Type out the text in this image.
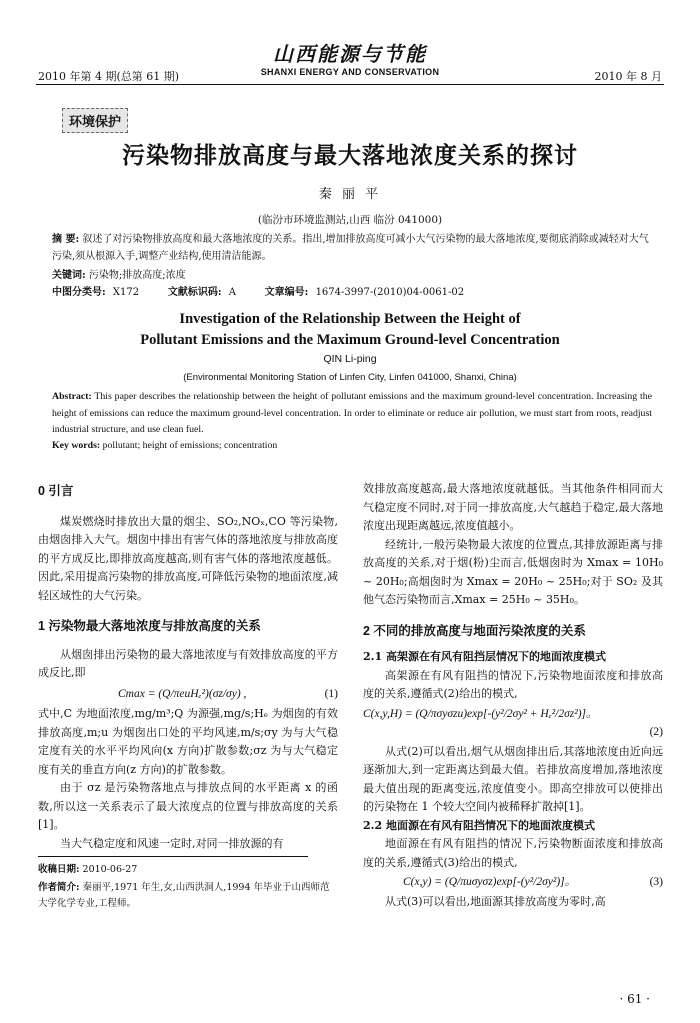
2010 年第 4 期(总第 61 期)
山西能源与节能
SHANXI ENERGY AND CONSERVATION	2010 年 8 月
环境保护
污染物排放高度与最大落地浓度关系的探讨
秦 丽 平
(临汾市环境监测站,山西 临汾 041000)
摘 要: 叙述了对污染物排放高度和最大落地浓度的关系。指出,增加排放高度可减小大气污染物的最大落地浓度,要彻底消除或减轻对大气污染,须从根源入手,调整产业结构,使用清洁能源。
关键词: 污染物;排放高度;浓度
中图分类号: X172	文献标识码: A	文章编号: 1674-3997-(2010)04-0061-02
Investigation of the Relationship Between the Height of
Pollutant Emissions and the Maximum Ground-level Concentration
QIN Li-ping
(Environmental Monitoring Station of Linfen City, Linfen 041000, Shanxi, China)
Abstract: This paper describes the relationship between the height of pollutant emissions and the maximum ground-level concentration. Increasing the height of emissions can reduce the maximum ground-level concentration. In order to eliminate or reduce air pollution, we must start from roots, readjust industrial structure, and use clean fuel.
Key words: pollutant; height of emissions; concentration
0 引言

煤炭燃烧时排放出大量的烟尘、SO₂,NOₓ,CO 等污染物,由烟囱排入大气。烟囱中排出有害气体的落地浓度与排放高度的平方成反比,即排放高度越高,则有害气体的落地浓度越低。因此,采用提高污染物的排放高度,可降低污染物的地面浓度,减轻区域性的大气污染。

1 污染物最大落地浓度与排放高度的关系

从烟囱排出污染物的最大落地浓度与有效排放高度的平方成反比,即

Cmax = (Q/πeuHₑ²)(σz/σy) ,	(1)

式中,C 为地面浓度,mg/m³;Q 为源强,mg/s;Hₑ 为烟囱的有效排放高度,m;u 为烟囱出口处的平均风速,m/s;σy 为与大气稳定度有关的水平平均风向(x 方向)扩散参数;σz 为与大气稳定度有关的垂直方向(z 方向)的扩散参数。

由于 σz 是污染物落地点与排放点间的水平距离 x 的函数,所以这一关系表示了最大浓度点的位置与排放高度的关系[1]。

当大气稳定度和风速一定时,对同一排放源的有

效排放高度越高,最大落地浓度就越低。当其他条件相同而大气稳定度不同时,对于同一排放高度,大气越趋于稳定,最大落地浓度出现距离越远,浓度值越小。

经统计,一般污染物最大浓度的位置点,其排放源距离与排放高度的关系,对于烟(粉)尘而言,低烟囱时为 Xmax = 10H₀ ~ 20H₀;高烟囱时为 Xmax = 20H₀ ~ 25H₀;对于 SO₂ 及其他气态污染物而言,Xmax = 25H₀ ~ 35H₀。

2 不同的排放高度与地面污染浓度的关系
2.1 高架源在有风有阻挡层情况下的地面浓度模式

高架源在有风有阻挡的情况下,污染物地面浓度和排放高度的关系,遵循式(2)给出的模式,

C(x,y,H) = (Q/πσyσzu)exp[-(y²/2σy² + Hₑ²/2σz²)]。
(2)

从式(2)可以看出,烟气从烟囱排出后,其落地浓度由近向远逐渐加大,到一定距离达到最大值。若排放高度增加,落地浓度最大值出现的距离变远,浓度值变小。即高空排放可以使排出的污染物在 1 个较大空间内被稀释扩散掉[1]。

2.2 地面源在有风有阻挡情况下的地面浓度模式

地面源在有风有阻挡的情况下,污染物断面浓度和排放高度的关系,遵循式(3)给出的模式,

C(x,y) = (Q/πuσyσz)exp[-(y²/2σy²)]。	(3)

从式(3)可以看出,地面源其排放高度为零时,高

收稿日期: 2010-06-27
作者简介: 秦丽平,1971 年生,女,山西洪洞人,1994 年毕业于山西师范大学化学专业,工程师。
· 61 ·
